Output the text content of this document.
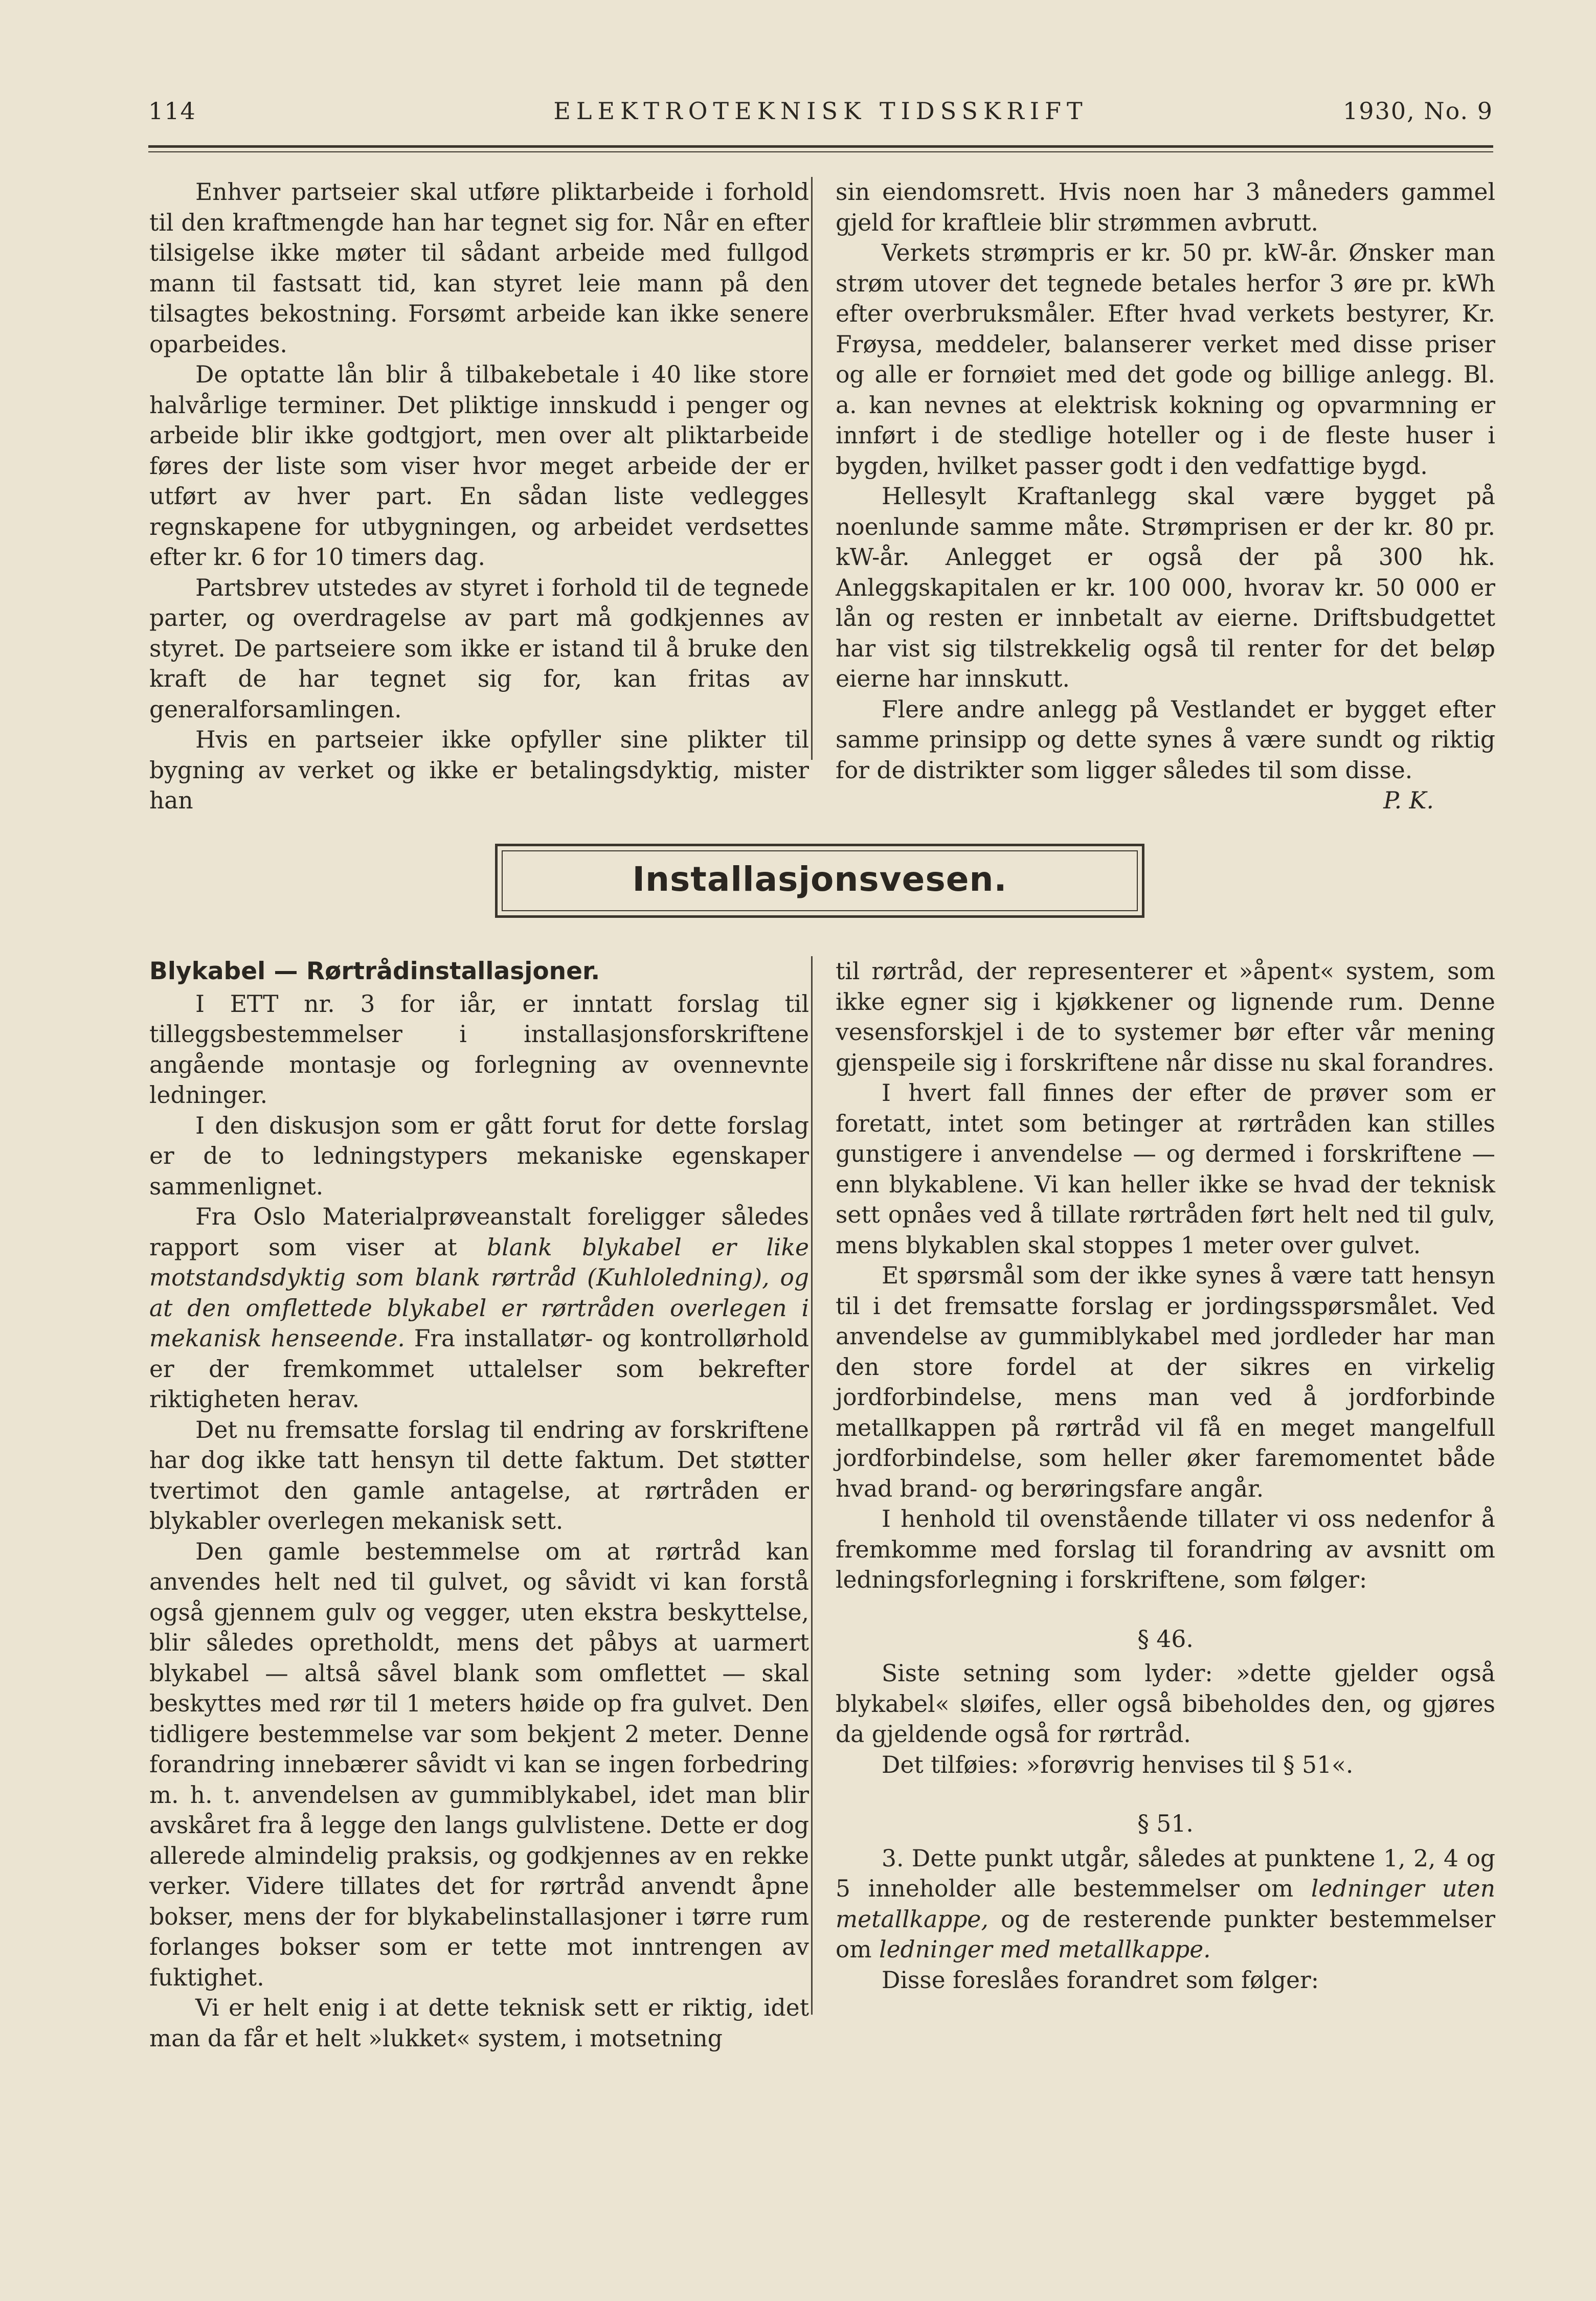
114	ELEKTROTEKNISK TIDSSKRIFT	1930, No. 9

Enhver partseier skal utføre pliktarbeide i forhold til den kraftmengde han har tegnet sig for. Når en efter tilsigelse ikke møter til sådant arbeide med fullgod mann til fastsatt tid, kan styret leie mann på den tilsagtes bekostning. Forsømt arbeide kan ikke senere oparbeides.

De optatte lån blir å tilbakebetale i 40 like store halvårlige terminer. Det pliktige innskudd i penger og arbeide blir ikke godtgjort, men over alt pliktarbeide føres der liste som viser hvor meget arbeide der er utført av hver part. En sådan liste vedlegges regnskapene for utbygningen, og arbeidet verdsettes efter kr. 6 for 10 timers dag.

Partsbrev utstedes av styret i forhold til de tegnede parter, og overdragelse av part må godkjennes av styret. De partseiere som ikke er istand til å bruke den kraft de har tegnet sig for, kan fritas av generalforsamlingen.

Hvis en partseier ikke opfyller sine plikter til bygning av verket og ikke er betalingsdyktig, mister han

sin eiendomsrett. Hvis noen har 3 måneders gammel gjeld for kraftleie blir strømmen avbrutt.

Verkets strømpris er kr. 50 pr. kW-år. Ønsker man strøm utover det tegnede betales herfor 3 øre pr. kWh efter overbruksmåler. Efter hvad verkets bestyrer, Kr. Frøysa, meddeler, balanserer verket med disse priser og alle er fornøiet med det gode og billige anlegg. Bl. a. kan nevnes at elektrisk kokning og opvarmning er innført i de stedlige hoteller og i de fleste huser i bygden, hvilket passer godt i den vedfattige bygd.

Hellesylt Kraftanlegg skal være bygget på noenlunde samme måte. Strømprisen er der kr. 80 pr. kW-år. Anlegget er også der på 300 hk. Anleggskapitalen er kr. 100 000, hvorav kr. 50 000 er lån og resten er innbetalt av eierne. Driftsbudgettet har vist sig tilstrekkelig også til renter for det beløp eierne har innskutt.

Flere andre anlegg på Vestlandet er bygget efter samme prinsipp og dette synes å være sundt og riktig for de distrikter som ligger således til som disse.

P. K.

Installasjonsvesen.

Blykabel — Rørtrådinstallasjoner.

I ETT nr. 3 for iår, er inntatt forslag til tilleggsbestemmelser i installasjonsforskriftene angående montasje og forlegning av ovennevnte ledninger.

I den diskusjon som er gått forut for dette forslag er de to ledningstypers mekaniske egenskaper sammenlignet.

Fra Oslo Materialprøveanstalt foreligger således rapport som viser at blank blykabel er like motstandsdyktig som blank rørtråd (Kuhloledning), og at den omflettede blykabel er rørtråden overlegen i mekanisk henseende. Fra installatør- og kontrollørhold er der fremkommet uttalelser som bekrefter riktigheten herav.

Det nu fremsatte forslag til endring av forskriftene har dog ikke tatt hensyn til dette faktum. Det støtter tvertimot den gamle antagelse, at rørtråden er blykabler overlegen mekanisk sett.

Den gamle bestemmelse om at rørtråd kan anvendes helt ned til gulvet, og såvidt vi kan forstå også gjennem gulv og vegger, uten ekstra beskyttelse, blir således opretholdt, mens det påbys at uarmert blykabel — altså såvel blank som omflettet — skal beskyttes med rør til 1 meters høide op fra gulvet. Den tidligere bestemmelse var som bekjent 2 meter. Denne forandring innebærer såvidt vi kan se ingen forbedring m. h. t. anvendelsen av gummiblykabel, idet man blir avskåret fra å legge den langs gulvlistene. Dette er dog allerede almindelig praksis, og godkjennes av en rekke verker. Videre tillates det for rørtråd anvendt åpne bokser, mens der for blykabelinstallasjoner i tørre rum forlanges bokser som er tette mot inntrengen av fuktighet.

Vi er helt enig i at dette teknisk sett er riktig, idet man da får et helt »lukket« system, i motsetning

til rørtråd, der representerer et »åpent« system, som ikke egner sig i kjøkkener og lignende rum. Denne vesensforskjel i de to systemer bør efter vår mening gjenspeile sig i forskriftene når disse nu skal forandres.

I hvert fall finnes der efter de prøver som er foretatt, intet som betinger at rørtråden kan stilles gunstigere i anvendelse — og dermed i forskriftene — enn blykablene. Vi kan heller ikke se hvad der teknisk sett opnåes ved å tillate rørtråden ført helt ned til gulv, mens blykablen skal stoppes 1 meter over gulvet.

Et spørsmål som der ikke synes å være tatt hensyn til i det fremsatte forslag er jordingsspørsmålet. Ved anvendelse av gummiblykabel med jordleder har man den store fordel at der sikres en virkelig jordforbindelse, mens man ved å jordforbinde metallkappen på rørtråd vil få en meget mangelfull jordforbindelse, som heller øker faremomentet både hvad brand- og berøringsfare angår.

I henhold til ovenstående tillater vi oss nedenfor å fremkomme med forslag til forandring av avsnitt om ledningsforlegning i forskriftene, som følger:

§ 46.

Siste setning som lyder: »dette gjelder også blykabel« sløifes, eller også bibeholdes den, og gjøres da gjeldende også for rørtråd.

Det tilføies: »forøvrig henvises til § 51«.

§ 51.

3. Dette punkt utgår, således at punktene 1, 2, 4 og 5 inneholder alle bestemmelser om ledninger uten metallkappe, og de resterende punkter bestemmelser om ledninger med metallkappe.

Disse foreslåes forandret som følger:
